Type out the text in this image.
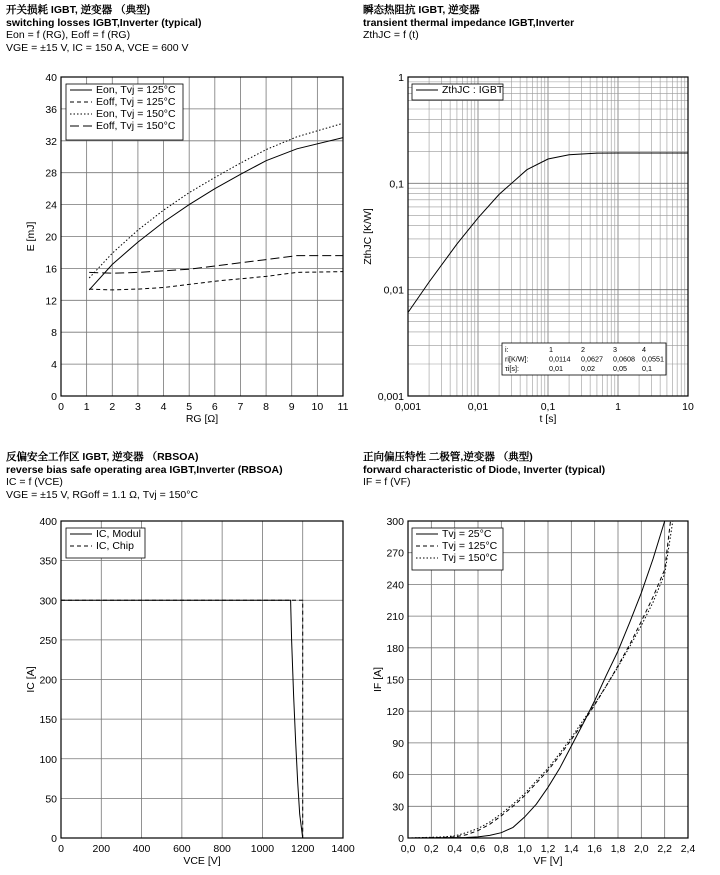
开关损耗 IGBT, 逆变器 （典型)
switching losses IGBT,Inverter (typical)
Eon = f (RG), Eoff = f (RG)
VGE = ±15 V, IC = 150 A, VCE = 600 V
瞬态热阻抗 IGBT, 逆变器
transient thermal impedance IGBT,Inverter
ZthJC = f (t)
反偏安全工作区 IGBT, 逆变器 （RBSOA)
reverse bias safe operating area IGBT,Inverter (RBSOA)
IC = f (VCE)
VGE = ±15 V, RGoff = 1.1 Ω, Tvj = 150°C
正向偏压特性 二极管,逆变器 （典型)
forward characteristic of Diode, Inverter (typical)
IF = f (VF)
0 1 2 3 4 5 6 7 8 9 10 11
0
4
8
12
16
20
24
28
32
36
40
RG [Ω]
E [mJ]
Eon, Tvj = 125°C
Eoff, Tvj = 125°C
Eon, Tvj = 150°C
Eoff, Tvj = 150°C
0,001	0,01	0,1	1	10
0,001
0,01
0,1
1
t [s]
ZthJC [K/W]
ZthJC : IGBT
i:	1	2	3	4
ri[K/W]:	0,0114 0,0627 0,0608 0,0551
τi[s]:	0,01	0,02	0,05 0,1
0	200 400 600 800 1000 1200 1400
0
50
100
150
200
250
300
350
400
VCE [V]
IC [A]
IC, Modul
IC, Chip
0,0 0,2 0,4 0,6 0,8 1,0 1,2 1,4 1,6 1,8 2,0 2,2 2,4
0
30
60
90
120
150
180
210
240
270
300
VF [V]
IF [A]
Tvj = 25°C
Tvj = 125°C
Tvj = 150°C
